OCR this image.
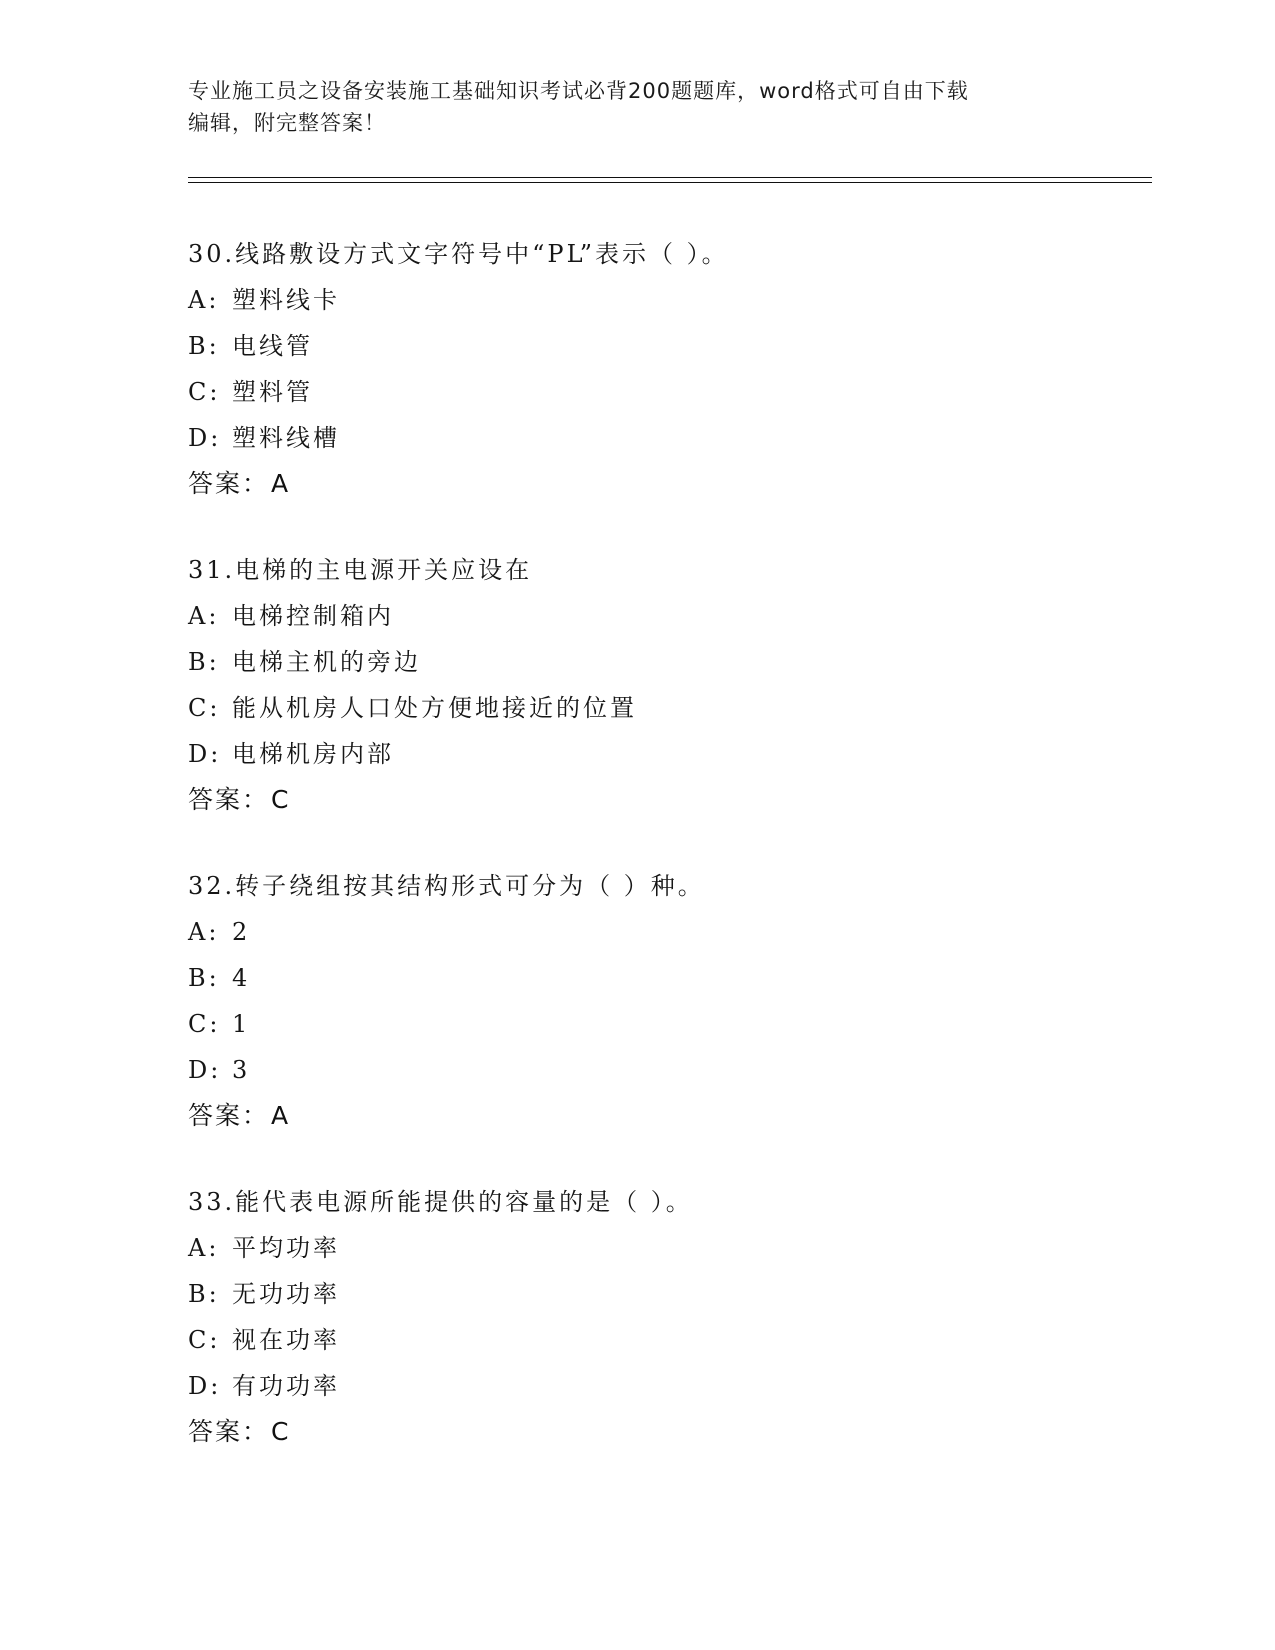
专业施工员之设备安装施工基础知识考试必背200题题库，word格式可自由下载
编辑，附完整答案！
30.线路敷设方式文字符号中“PL”表示（ ）。
A: 塑料线卡
B: 电线管
C: 塑料管
D: 塑料线槽
答案：A
31.电梯的主电源开关应设在
A: 电梯控制箱内
B: 电梯主机的旁边
C: 能从机房人口处方便地接近的位置
D: 电梯机房内部
答案：C
32.转子绕组按其结构形式可分为（ ）种。
A: 2
B: 4
C: 1
D: 3
答案：A
33.能代表电源所能提供的容量的是（ ）。
A: 平均功率
B: 无功功率
C: 视在功率
D: 有功功率
答案：C
